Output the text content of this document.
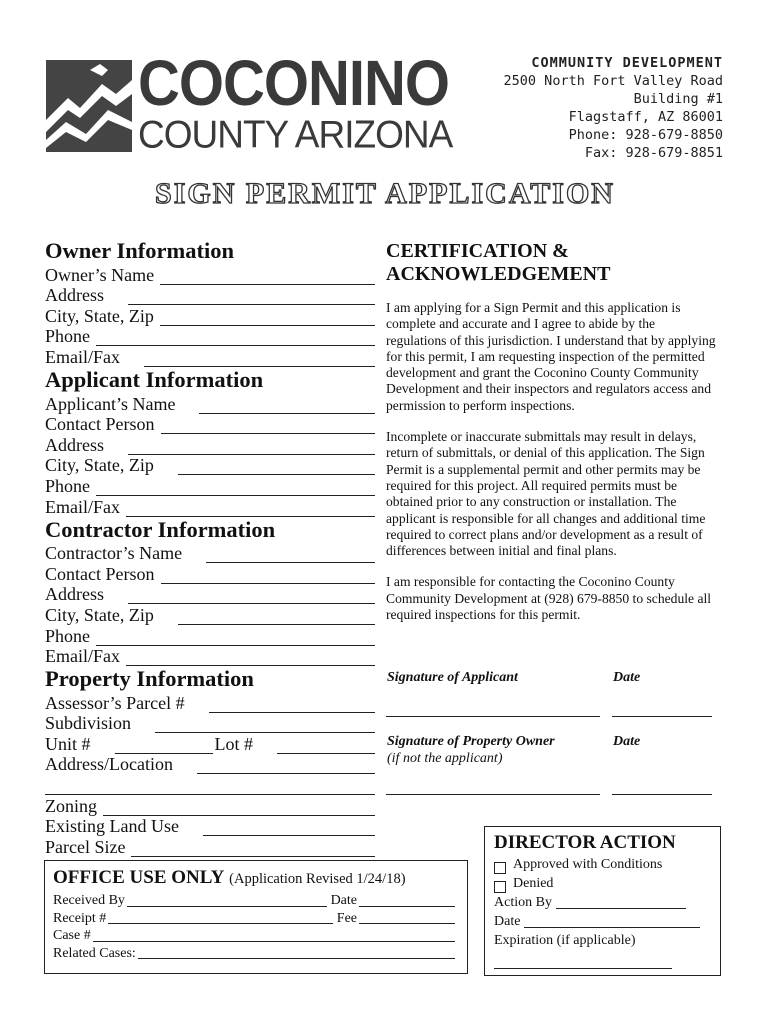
COCONINO
COUNTY ARIZONA
COMMUNITY DEVELOPMENT
2500 North Fort Valley Road
Building #1
Flagstaff, AZ 86001
Phone: 928-679-8850
Fax: 928-679-8851
SIGN PERMIT APPLICATION
Owner Information
Owner’s Name
Address
City, State, Zip
Phone
Email/Fax
Applicant Information
Applicant’s Name
Contact Person
Address
City, State, Zip
Phone
Email/Fax
Contractor Information
Contractor’s Name
Contact Person
Address
City, State, Zip
Phone
Email/Fax
Property Information
Assessor’s Parcel #
Subdivision
Unit #	Lot #
Address/Location
Zoning
Existing Land Use
Parcel Size
CERTIFICATION &
ACKNOWLEDGEMENT

I am applying for a Sign Permit and this application is complete and accurate and I agree to abide by the regulations of this jurisdiction. I understand that by applying for this permit, I am requesting inspection of the permitted development and grant the Coconino County Community Development and their inspectors and regulators access and permission to perform inspections.

Incomplete or inaccurate submittals may result in delays, return of submittals, or denial of this application. The Sign Permit is a supplemental permit and other permits may be required for this project. All required permits must be obtained prior to any construction or installation. The applicant is responsible for all changes and additional time required to correct plans and/or development as a result of differences between initial and final plans.

I am responsible for contacting the Coconino County Community Development at (928) 679-8850 to schedule all required inspections for this permit.

Signature of Applicant	Date
Signature of Property Owner	Date
(if not the applicant)
OFFICE USE ONLY (Application Revised 1/24/18)
Received By	Date
Receipt #	Fee
Case #
Related Cases:
DIRECTOR ACTION
Approved with Conditions
Denied
Action By
Date
Expiration (if applicable)
